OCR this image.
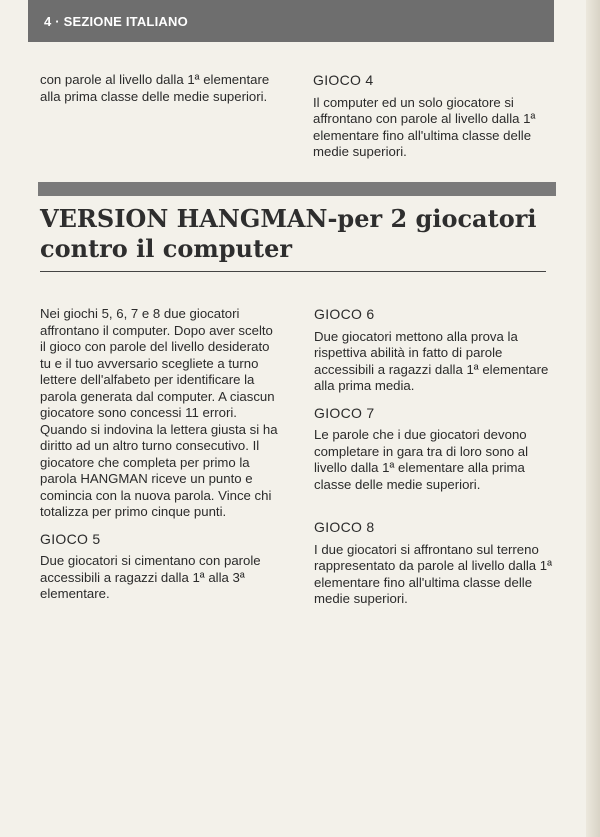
4 · SEZIONE ITALIANO

con parole al livello dalla 1ª elementare alla prima classe delle medie superiori.

GIOCO 4

Il computer ed un solo giocatore si affrontano con parole al livello dalla 1ª elementare fino all'ultima classe delle medie superiori.

VERSION HANGMAN-per 2 giocatori
contro il computer

Nei giochi 5, 6, 7 e 8 due giocatori affrontano il computer. Dopo aver scelto il gioco con parole del livello desiderato tu e il tuo avversario scegliete a turno lettere dell'alfabeto per identificare la parola generata dal computer. A ciascun giocatore sono concessi 11 errori. Quando si indovina la lettera giusta si ha diritto ad un altro turno consecutivo. Il giocatore che completa per primo la parola HANGMAN riceve un punto e comincia con la nuova parola. Vince chi totalizza per primo cinque punti.

GIOCO 5

Due giocatori si cimentano con parole accessibili a ragazzi dalla 1ª alla 3ª elementare.

GIOCO 6

Due giocatori mettono alla prova la rispettiva abilità in fatto di parole accessibili a ragazzi dalla 1ª elementare alla prima media.

GIOCO 7

Le parole che i due giocatori devono completare in gara tra di loro sono al livello dalla 1ª elementare alla prima classe delle medie superiori.

GIOCO 8

I due giocatori si affrontano sul terreno rappresentato da parole al livello dalla 1ª elementare fino all'ultima classe delle medie superiori.
